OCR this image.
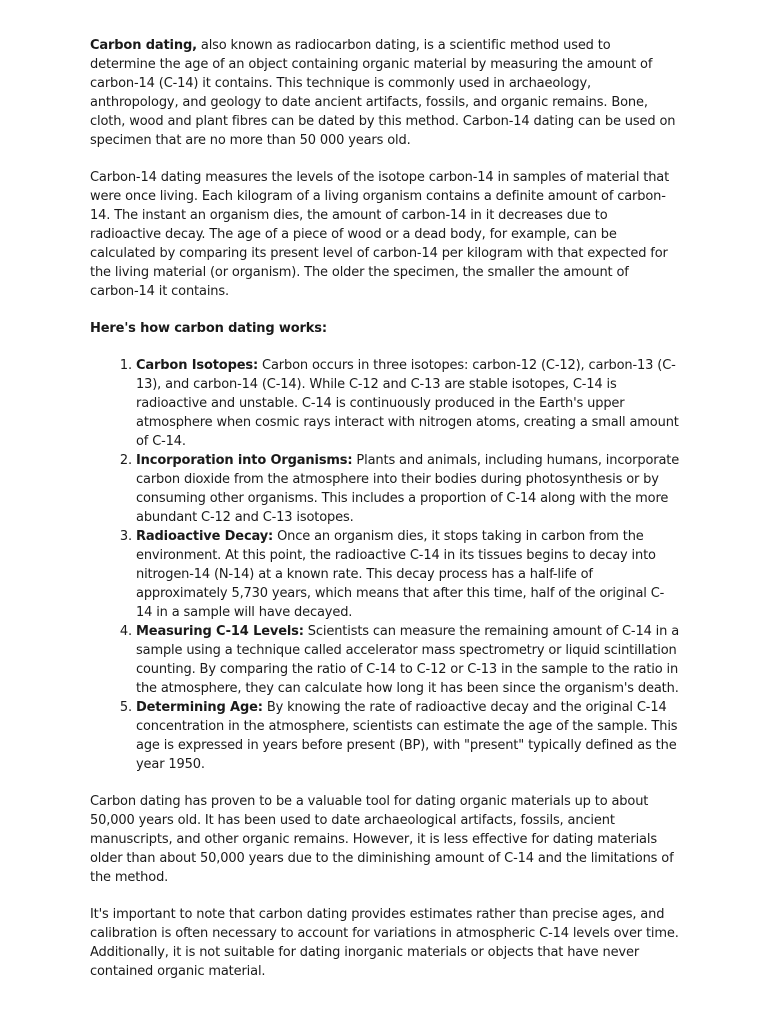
Carbon dating, also known as radiocarbon dating, is a scientific method used to determine the age of an object containing organic material by measuring the amount of carbon-14 (C-14) it contains. This technique is commonly used in archaeology, anthropology, and geology to date ancient artifacts, fossils, and organic remains. Bone, cloth, wood and plant fibres can be dated by this method. Carbon-14 dating can be used on specimen that are no more than 50 000 years old.

Carbon-14 dating measures the levels of the isotope carbon-14 in samples of material that were once living. Each kilogram of a living organism contains a definite amount of carbon-14. The instant an organism dies, the amount of carbon-14 in it decreases due to radioactive decay. The age of a piece of wood or a dead body, for example, can be calculated by comparing its present level of carbon-14 per kilogram with that expected for the living material (or organism). The older the specimen, the smaller the amount of carbon-14 it contains.

Here's how carbon dating works:
1. Carbon Isotopes: Carbon occurs in three isotopes: carbon-12 (C-12), carbon-13 (C-13), and carbon-14 (C-14). While C-12 and C-13 are stable isotopes, C-14 is radioactive and unstable. C-14 is continuously produced in the Earth's upper atmosphere when cosmic rays interact with nitrogen atoms, creating a small amount of C-14.
2. Incorporation into Organisms: Plants and animals, including humans, incorporate carbon dioxide from the atmosphere into their bodies during photosynthesis or by consuming other organisms. This includes a proportion of C-14 along with the more abundant C-12 and C-13 isotopes.
3. Radioactive Decay: Once an organism dies, it stops taking in carbon from the environment. At this point, the radioactive C-14 in its tissues begins to decay into nitrogen-14 (N-14) at a known rate. This decay process has a half-life of approximately 5,730 years, which means that after this time, half of the original C-14 in a sample will have decayed.
4. Measuring C-14 Levels: Scientists can measure the remaining amount of C-14 in a sample using a technique called accelerator mass spectrometry or liquid scintillation counting. By comparing the ratio of C-14 to C-12 or C-13 in the sample to the ratio in the atmosphere, they can calculate how long it has been since the organism's death.
5. Determining Age: By knowing the rate of radioactive decay and the original C-14 concentration in the atmosphere, scientists can estimate the age of the sample. This age is expressed in years before present (BP), with "present" typically defined as the year 1950.

Carbon dating has proven to be a valuable tool for dating organic materials up to about 50,000 years old. It has been used to date archaeological artifacts, fossils, ancient manuscripts, and other organic remains. However, it is less effective for dating materials older than about 50,000 years due to the diminishing amount of C-14 and the limitations of the method.

It's important to note that carbon dating provides estimates rather than precise ages, and calibration is often necessary to account for variations in atmospheric C-14 levels over time. Additionally, it is not suitable for dating inorganic materials or objects that have never contained organic material.
